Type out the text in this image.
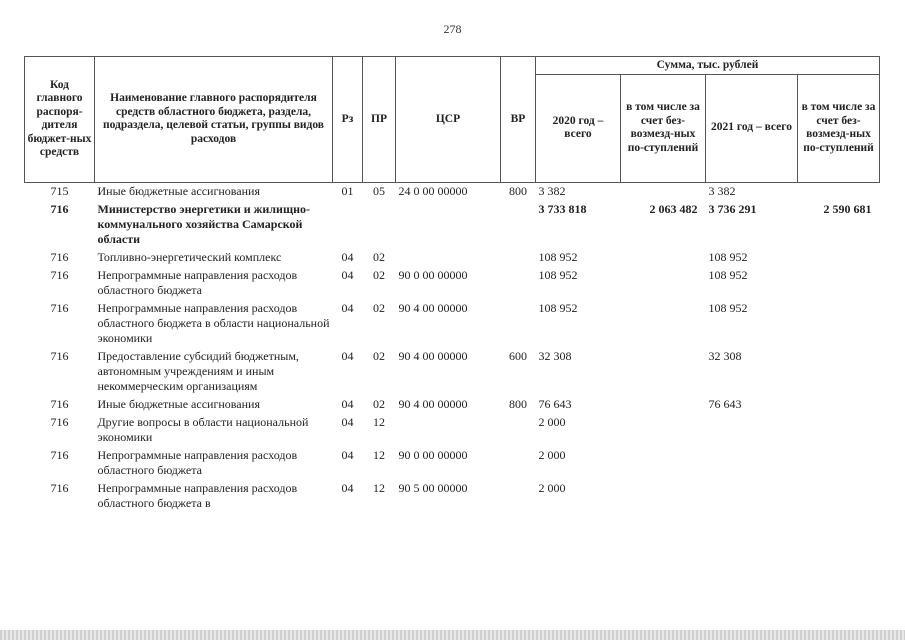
278
Код главного распоря-дителя бюджет-ных средств	Наименование главного распорядителя средств областного бюджета, раздела, подраздела, целевой статьи, группы видов расходов	Рз	ПР	ЦСР	ВР	Сумма, тыс. рублей			
						2020 год – всего	в том числе за счет без-возмезд-ных по-ступлений	2021 год – всего	в том числе за счет без-возмезд-ных по-ступлений
715	Иные бюджетные ассигнования	01	05	24 0 00 00000	800	3 382		3 382	
716	Министерство энергетики и жилищно-коммунального хозяйства Самарской области					3 733 818	2 063 482	3 736 291	2 590 681
716	Топливно-энергетический комплекс	04	02			108 952		108 952	
716	Непрограммные направления расходов областного бюджета	04	02	90 0 00 00000		108 952		108 952	
716	Непрограммные направления расходов областного бюджета в области национальной экономики	04	02	90 4 00 00000		108 952		108 952	
716	Предоставление субсидий бюджетным, автономным учреждениям и иным некоммерческим организациям	04	02	90 4 00 00000	600	32 308		32 308	
716	Иные бюджетные ассигнования	04	02	90 4 00 00000	800	76 643		76 643	
716	Другие вопросы в области национальной экономики	04	12			2 000			
716	Непрограммные направления расходов областного бюджета	04	12	90 0 00 00000		2 000			
716	Непрограммные направления расходов областного бюджета в	04	12	90 5 00 00000		2 000			
